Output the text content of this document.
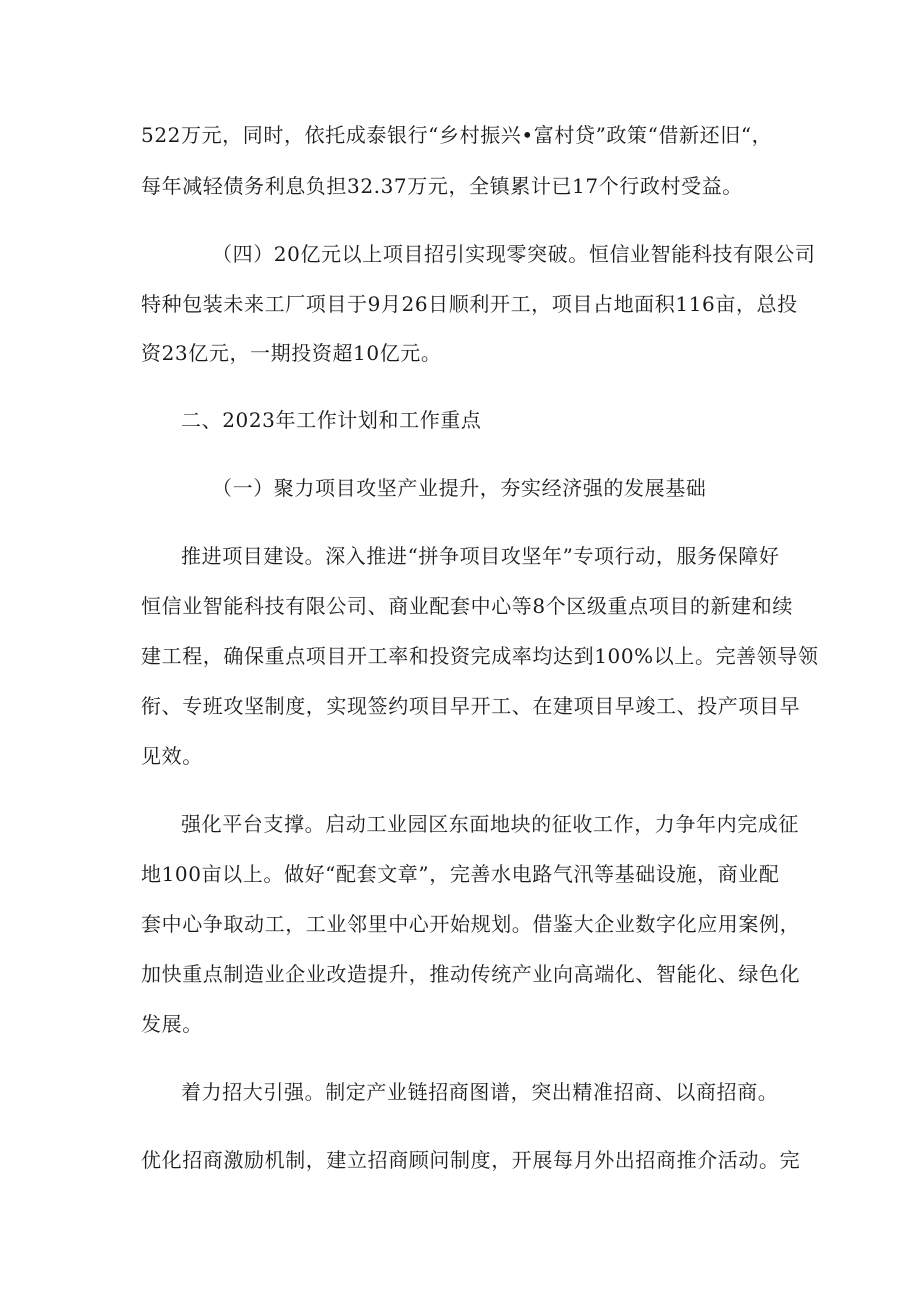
522万元，同时，依托成泰银行“乡村振兴•富村贷”政策“借新还旧“，
每年减轻债务利息负担32.37万元，全镇累计已17个行政村受益。
（四）20亿元以上项目招引实现零突破。恒信业智能科技有限公司
特种包装未来工厂项目于9月26日顺利开工，项目占地面积116亩，总投
资23亿元，一期投资超10亿元。
二、2023年工作计划和工作重点
（一）聚力项目攻坚产业提升，夯实经济强的发展基础
推进项目建设。深入推进“拼争项目攻坚年”专项行动，服务保障好
恒信业智能科技有限公司、商业配套中心等8个区级重点项目的新建和续
建工程，确保重点项目开工率和投资完成率均达到100%以上。完善领导领
衔、专班攻坚制度，实现签约项目早开工、在建项目早竣工、投产项目早
见效。
强化平台支撑。启动工业园区东面地块的征收工作，力争年内完成征
地100亩以上。做好“配套文章”，完善水电路气汛等基础设施，商业配
套中心争取动工，工业邻里中心开始规划。借鉴大企业数字化应用案例，
加快重点制造业企业改造提升，推动传统产业向高端化、智能化、绿色化
发展。
着力招大引强。制定产业链招商图谱，突出精准招商、以商招商。
优化招商激励机制，建立招商顾问制度，开展每月外出招商推介活动。完
